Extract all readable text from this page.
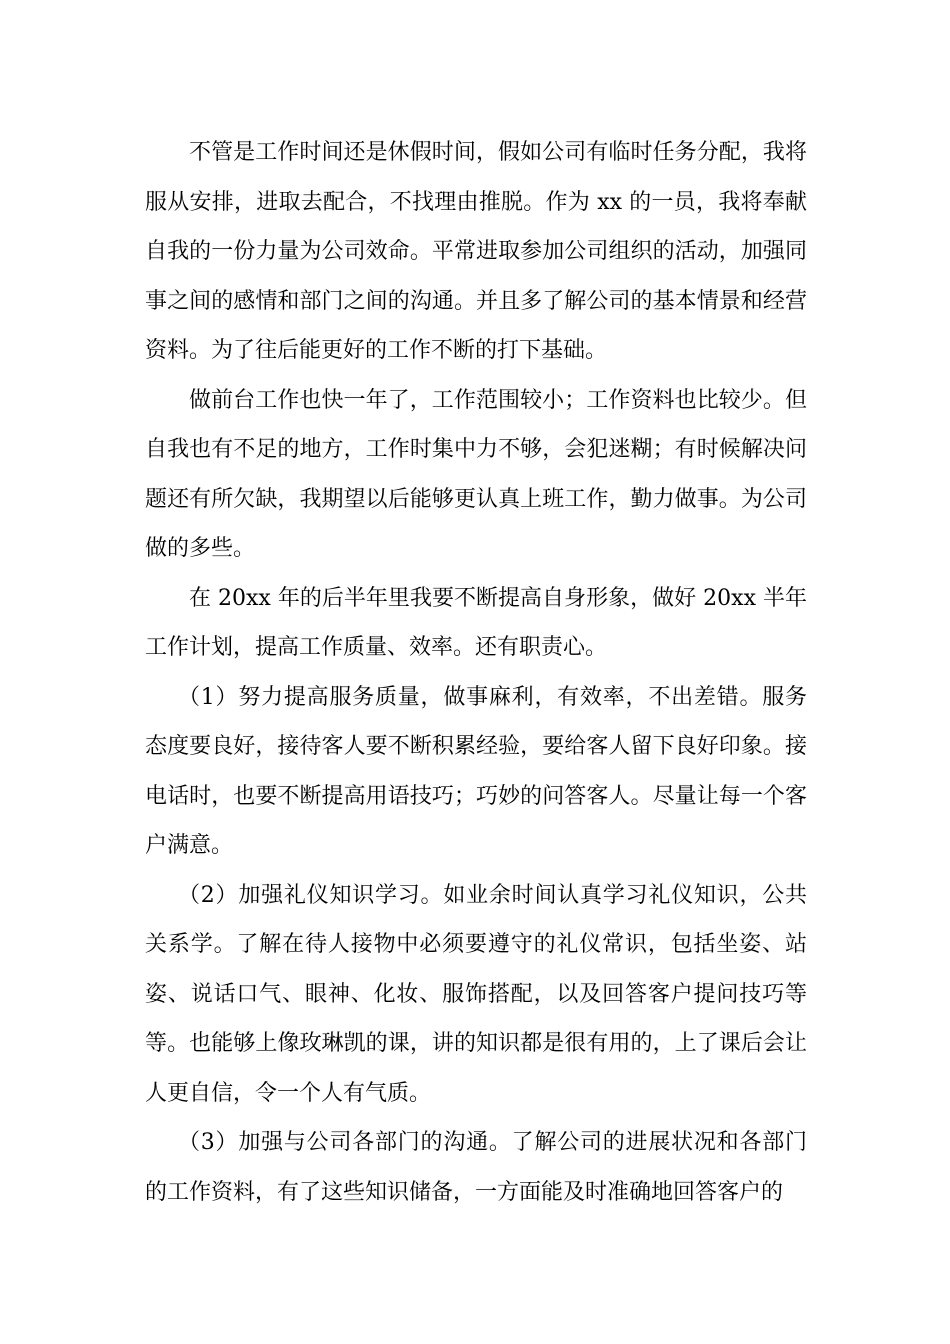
不管是工作时间还是休假时间，假如公司有临时任务分配，我将服从安排，进取去配合，不找理由推脱。作为 xx 的一员，我将奉献自我的一份力量为公司效命。平常进取参加公司组织的活动，加强同事之间的感情和部门之间的沟通。并且多了解公司的基本情景和经营资料。为了往后能更好的工作不断的打下基础。

做前台工作也快一年了，工作范围较小；工作资料也比较少。但自我也有不足的地方，工作时集中力不够，会犯迷糊；有时候解决问题还有所欠缺，我期望以后能够更认真上班工作，勤力做事。为公司做的多些。

在 20xx 年的后半年里我要不断提高自身形象，做好 20xx 半年工作计划，提高工作质量、效率。还有职责心。

（1）努力提高服务质量，做事麻利，有效率，不出差错。服务态度要良好，接待客人要不断积累经验，要给客人留下良好印象。接电话时，也要不断提高用语技巧；巧妙的问答客人。尽量让每一个客户满意。

（2）加强礼仪知识学习。如业余时间认真学习礼仪知识，公共关系学。了解在待人接物中必须要遵守的礼仪常识，包括坐姿、站姿、说话口气、眼神、化妆、服饰搭配，以及回答客户提问技巧等等。也能够上像玫琳凯的课，讲的知识都是很有用的，上了课后会让人更自信，令一个人有气质。

（3）加强与公司各部门的沟通。了解公司的进展状况和各部门的工作资料，有了这些知识储备，一方面能及时准确地回答客户的
